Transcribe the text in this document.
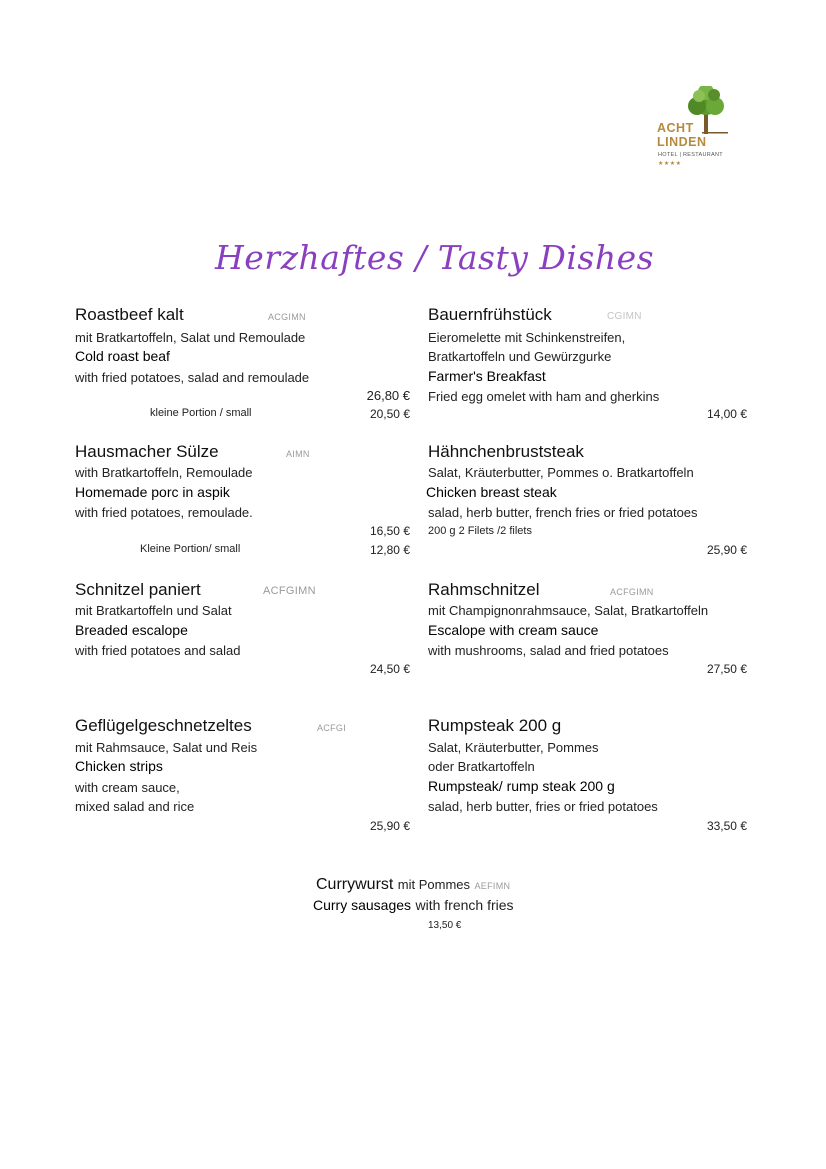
ACHT
LINDEN
HOTEL | RESTAURANT
★★★★
Herzhaftes / Tasty Dishes
Roastbeef kalt	ACGIMN
mit Bratkartoffeln, Salat und Remoulade
Cold roast beaf
with fried potatoes, salad and remoulade
26,80 €
kleine Portion / small	20,50 €
Hausmacher Sülze	AIMN
with Bratkartoffeln, Remoulade
Homemade porc in aspik
with fried potatoes, remoulade.
16,50 €
Kleine Portion/ small	12,80 €
Schnitzel paniert	ACFGIMN
mit Bratkartoffeln und Salat
Breaded escalope
with fried potatoes and salad
24,50 €
Geflügelgeschnetzeltes	ACFGI
mit Rahmsauce, Salat und Reis
Chicken strips
with cream sauce,
mixed salad and rice
25,90 €
Bauernfrühstück	CGIMN
Eieromelette mit Schinkenstreifen,
Bratkartoffeln und Gewürzgurke
Farmer's Breakfast
Fried egg omelet with ham and gherkins
14,00 €
Hähnchenbruststeak
Salat, Kräuterbutter, Pommes o. Bratkartoffeln
Chicken breast steak
salad, herb butter, french fries or fried potatoes
200 g 2 Filets /2 filets
25,90 €
Rahmschnitzel	ACFGIMN
mit Champignonrahmsauce, Salat, Bratkartoffeln
Escalope with cream sauce
with mushrooms, salad and fried potatoes
27,50 €
Rumpsteak 200 g
Salat, Kräuterbutter, Pommes
oder Bratkartoffeln
Rumpsteak/ rump steak 200 g
salad, herb butter, fries or fried potatoes
33,50 €
Currywurst mit Pommes AEFIMN
Curry sausages with french fries
13,50 €
